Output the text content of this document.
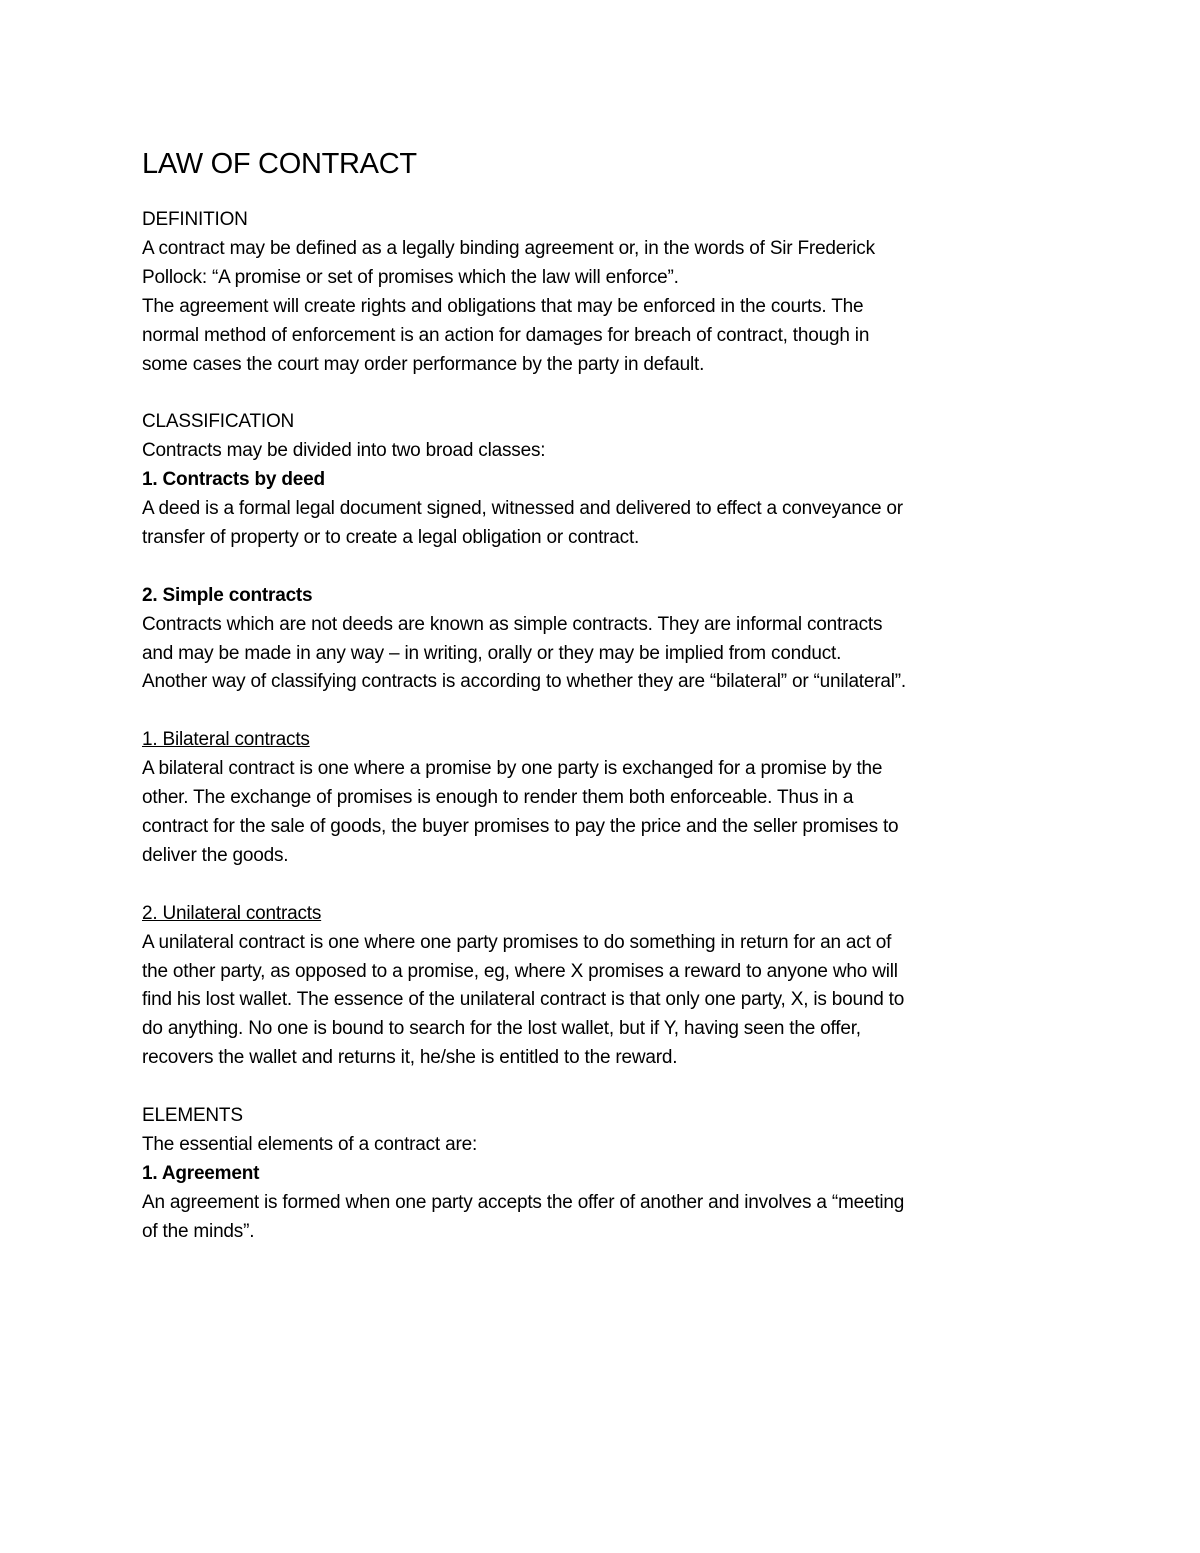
LAW OF CONTRACT
DEFINITION
A contract may be defined as a legally binding agreement or, in the words of Sir Frederick Pollock: “A promise or set of promises which the law will enforce”.
The agreement will create rights and obligations that may be enforced in the courts. The normal method of enforcement is an action for damages for breach of contract, though in some cases the court may order performance by the party in default.
CLASSIFICATION
Contracts may be divided into two broad classes:
1. Contracts by deed
A deed is a formal legal document signed, witnessed and delivered to effect a conveyance or transfer of property or to create a legal obligation or contract.
2. Simple contracts
Contracts which are not deeds are known as simple contracts. They are informal contracts and may be made in any way – in writing, orally or they may be implied from conduct.
Another way of classifying contracts is according to whether they are “bilateral” or “unilateral”.
1. Bilateral contracts
A bilateral contract is one where a promise by one party is exchanged for a promise by the other. The exchange of promises is enough to render them both enforceable. Thus in a contract for the sale of goods, the buyer promises to pay the price and the seller promises to deliver the goods.
2. Unilateral contracts
A unilateral contract is one where one party promises to do something in return for an act of the other party, as opposed to a promise, eg, where X promises a reward to anyone who will find his lost wallet. The essence of the unilateral contract is that only one party, X, is bound to do anything. No one is bound to search for the lost wallet, but if Y, having seen the offer, recovers the wallet and returns it, he/she is entitled to the reward.
ELEMENTS
The essential elements of a contract are:
1. Agreement
An agreement is formed when one party accepts the offer of another and involves a “meeting of the minds”.
